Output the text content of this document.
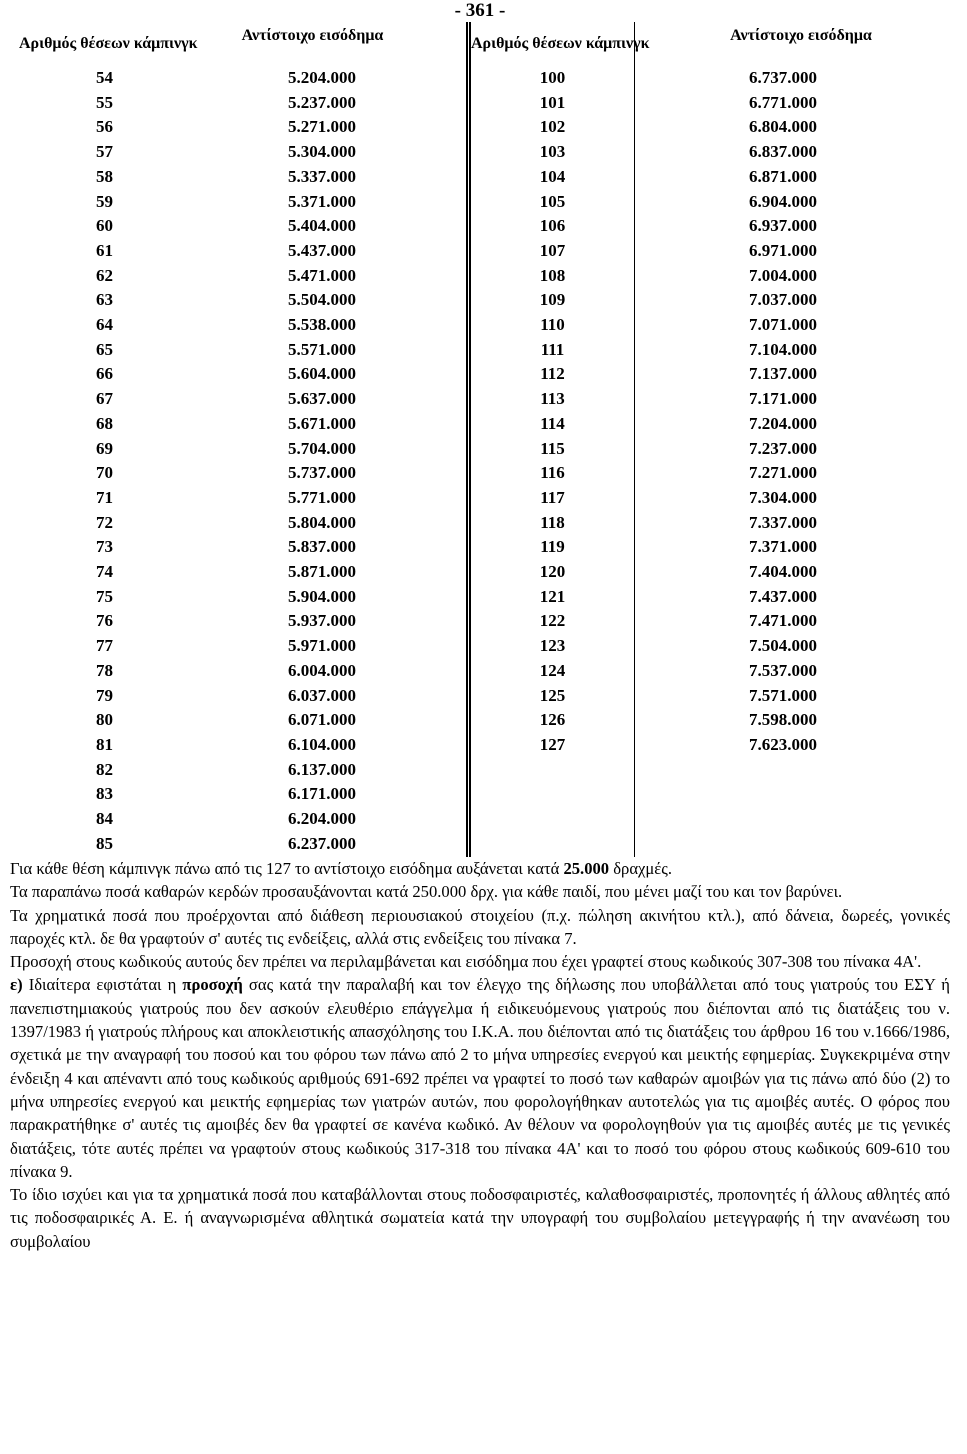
- 361 -
Αριθμός θέσεων κάμπινγκ	Αντίστοιχο εισόδημα	Αριθμός θέσεων κάμπινγκ	Αντίστοιχο εισόδημα
54	5.204.000	100	6.737.000
55	5.237.000	101	6.771.000
56	5.271.000	102	6.804.000
57	5.304.000	103	6.837.000
58	5.337.000	104	6.871.000
59	5.371.000	105	6.904.000
60	5.404.000	106	6.937.000
61	5.437.000	107	6.971.000
62	5.471.000	108	7.004.000
63	5.504.000	109	7.037.000
64	5.538.000	110	7.071.000
65	5.571.000	111	7.104.000
66	5.604.000	112	7.137.000
67	5.637.000	113	7.171.000
68	5.671.000	114	7.204.000
69	5.704.000	115	7.237.000
70	5.737.000	116	7.271.000
71	5.771.000	117	7.304.000
72	5.804.000	118	7.337.000
73	5.837.000	119	7.371.000
74	5.871.000	120	7.404.000
75	5.904.000	121	7.437.000
76	5.937.000	122	7.471.000
77	5.971.000	123	7.504.000
78	6.004.000	124	7.537.000
79	6.037.000	125	7.571.000
80	6.071.000	126	7.598.000
81	6.104.000	127	7.623.000
82	6.137.000		
83	6.171.000		
84	6.204.000		
85	6.237.000		

Για κάθε θέση κάμπινγκ πάνω από τις 127 το αντίστοιχο εισόδημα αυξάνεται κατά 25.000 δραχμές.

Τα παραπάνω ποσά καθαρών κερδών προσαυξάνονται κατά 250.000 δρχ. για κάθε παιδί, που μένει μαζί του και τον βαρύνει.

Τα χρηματικά ποσά που προέρχονται από διάθεση περιουσιακού στοιχείου (π.χ. πώληση ακινήτου κτλ.), από δάνεια, δωρεές, γονικές παροχές κτλ. δε θα γραφτούν σ' αυτές τις ενδείξεις, αλλά στις ενδείξεις του πίνακα 7.

Προσοχή στους κωδικούς αυτούς δεν πρέπει να περιλαμβάνεται και εισόδημα που έχει γραφτεί στους κωδικούς 307-308 του πίνακα 4Α'.

ε) Ιδιαίτερα εφιστάται η προσοχή σας κατά την παραλαβή και τον έλεγχο της δήλωσης που υποβάλλεται από τους γιατρούς του ΕΣΥ ή πανεπιστημιακούς γιατρούς που δεν ασκούν ελευθέριο επάγγελμα ή ειδικευόμενους γιατρούς που διέπονται από τις διατάξεις του ν. 1397/1983 ή γιατρούς πλήρους και αποκλειστικής απασχόλησης του Ι.Κ.Α. που διέπονται από τις διατάξεις του άρθρου 16 του ν.1666/1986, σχετικά με την αναγραφή του ποσού και του φόρου των πάνω από 2 το μήνα υπηρεσίες ενεργού και μεικτής εφημερίας. Συγκεκριμένα στην ένδειξη 4 και απέναντι από τους κωδικούς αριθμούς 691-692 πρέπει να γραφτεί το ποσό των καθαρών αμοιβών για τις πάνω από δύο (2) το μήνα υπηρεσίες ενεργού και μεικτής εφημερίας των γιατρών αυτών, που φορολογήθηκαν αυτοτελώς για τις αμοιβές αυτές. Ο φόρος που παρακρατήθηκε σ' αυτές τις αμοιβές δεν θα γραφτεί σε κανένα κωδικό. Αν θέλουν να φορολογηθούν για τις αμοιβές αυτές με τις γενικές διατάξεις, τότε αυτές πρέπει να γραφτούν στους κωδικούς 317-318 του πίνακα 4Α' και το ποσό του φόρου στους κωδικούς 609-610 του πίνακα 9.

Το ίδιο ισχύει και για τα χρηματικά ποσά που καταβάλλονται στους ποδοσφαιριστές, καλαθοσφαιριστές, προπονητές ή άλλους αθλητές από τις ποδοσφαιρικές Α. Ε. ή αναγνωρισμένα αθλητικά σωματεία κατά την υπογραφή του συμβολαίου μετεγγραφής ή την ανανέωση του συμβολαίου
